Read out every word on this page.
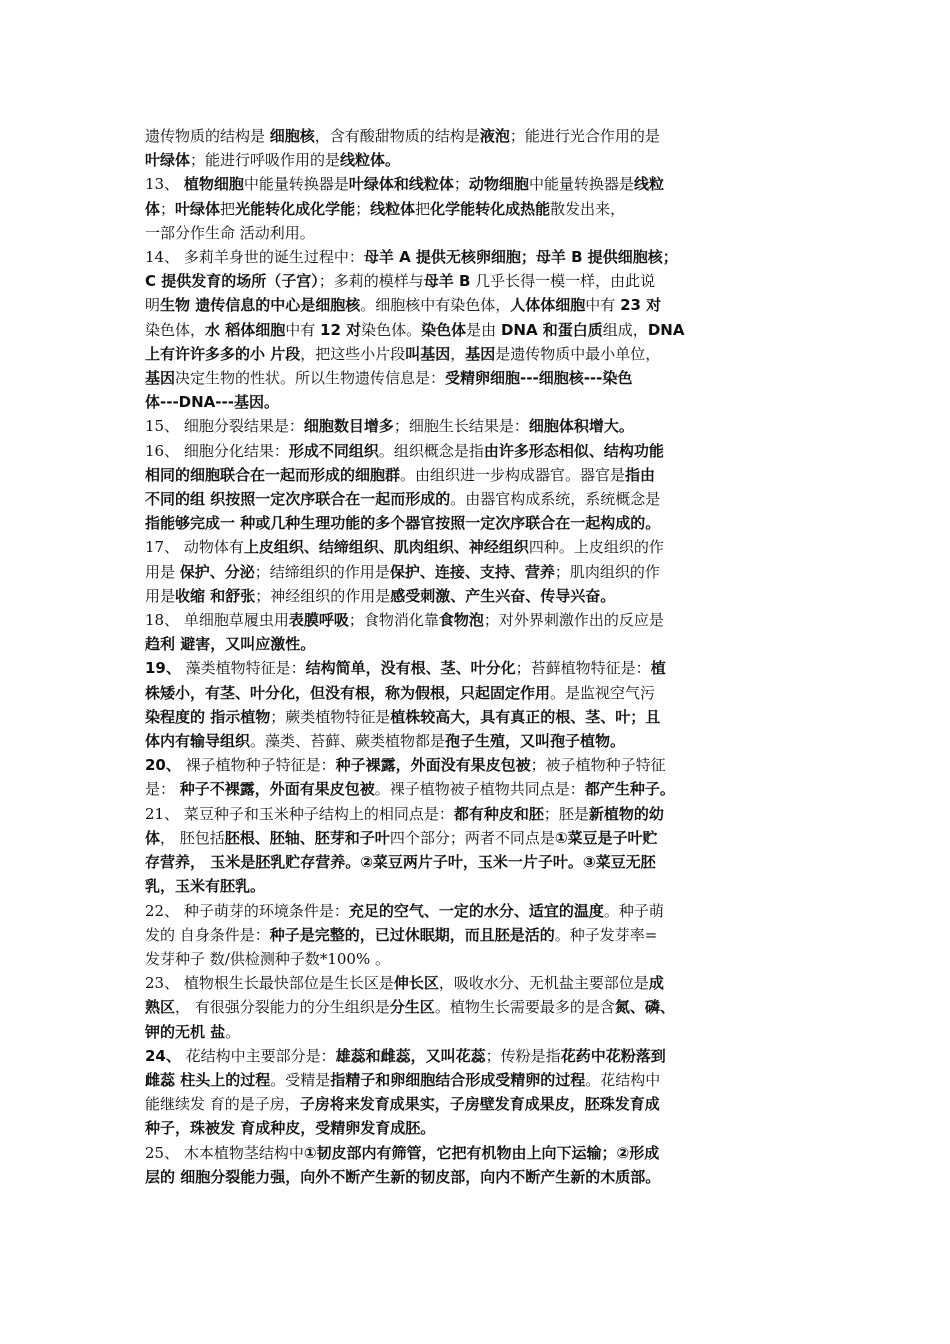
遗传物质的结构是 细胞核，含有酸甜物质的结构是液泡；能进行光合作用的是
叶绿体；能进行呼吸作用的是线粒体。
13、 植物细胞中能量转换器是叶绿体和线粒体；动物细胞中能量转换器是线粒
体；叶绿体把光能转化成化学能；线粒体把化学能转化成热能散发出来，
一部分作生命 活动利用。
14、 多莉羊身世的诞生过程中：母羊 A 提供无核卵细胞；母羊 B 提供细胞核；
C 提供发育的场所（子宫）；多莉的模样与母羊 B 几乎长得一模一样，由此说
明生物 遗传信息的中心是细胞核。细胞核中有染色体，人体体细胞中有 23 对
染色体，水 稻体细胞中有 12 对染色体。染色体是由 DNA 和蛋白质组成，DNA
上有许许多多的小 片段，把这些小片段叫基因，基因是遗传物质中最小单位，
基因决定生物的性状。所以生物遗传信息是：受精卵细胞---细胞核---染色
体---DNA---基因。
15、 细胞分裂结果是：细胞数目增多；细胞生长结果是：细胞体积增大。
16、 细胞分化结果：形成不同组织。组织概念是指由许多形态相似、结构功能
相同的细胞联合在一起而形成的细胞群。由组织进一步构成器官。器官是指由
不同的组 织按照一定次序联合在一起而形成的。由器官构成系统，系统概念是
指能够完成一 种或几种生理功能的多个器官按照一定次序联合在一起构成的。
17、 动物体有上皮组织、结缔组织、肌肉组织、神经组织四种。上皮组织的作
用是 保护、分泌；结缔组织的作用是保护、连接、支持、营养；肌肉组织的作
用是收缩 和舒张；神经组织的作用是感受刺激、产生兴奋、传导兴奋。
18、 单细胞草履虫用表膜呼吸；食物消化靠食物泡；对外界刺激作出的反应是
趋利 避害，又叫应激性。
19、 藻类植物特征是：结构简单，没有根、茎、叶分化；苔藓植物特征是：植
株矮小，有茎、叶分化，但没有根，称为假根，只起固定作用。是监视空气污
染程度的 指示植物；蕨类植物特征是植株较高大，具有真正的根、茎、叶；且
体内有输导组织。藻类、苔藓、蕨类植物都是孢子生殖，又叫孢子植物。
20、 裸子植物种子特征是：种子裸露，外面没有果皮包被；被子植物种子特征
是： 种子不裸露，外面有果皮包被。裸子植物被子植物共同点是：都产生种子。
21、 菜豆种子和玉米种子结构上的相同点是：都有种皮和胚；胚是新植物的幼
体， 胚包括胚根、胚轴、胚芽和子叶四个部分；两者不同点是①菜豆是子叶贮
存营养， 玉米是胚乳贮存营养。②菜豆两片子叶，玉米一片子叶。③菜豆无胚
乳，玉米有胚乳。
22、 种子萌芽的环境条件是：充足的空气、一定的水分、适宜的温度。种子萌
发的 自身条件是：种子是完整的，已过休眠期，而且胚是活的。种子发芽率=
发芽种子 数/供检测种子数*100% 。
23、 植物根生长最快部位是生长区是伸长区，吸收水分、无机盐主要部位是成
熟区， 有很强分裂能力的分生组织是分生区。植物生长需要最多的是含氮、磷、
钾的无机 盐。
24、 花结构中主要部分是：雄蕊和雌蕊，又叫花蕊；传粉是指花药中花粉落到
雌蕊 柱头上的过程。受精是指精子和卵细胞结合形成受精卵的过程。花结构中
能继续发 育的是子房，子房将来发育成果实，子房壁发育成果皮，胚珠发育成
种子，珠被发 育成种皮，受精卵发育成胚。
25、 木本植物茎结构中①韧皮部内有筛管，它把有机物由上向下运输；②形成
层的 细胞分裂能力强，向外不断产生新的韧皮部，向内不断产生新的木质部。
